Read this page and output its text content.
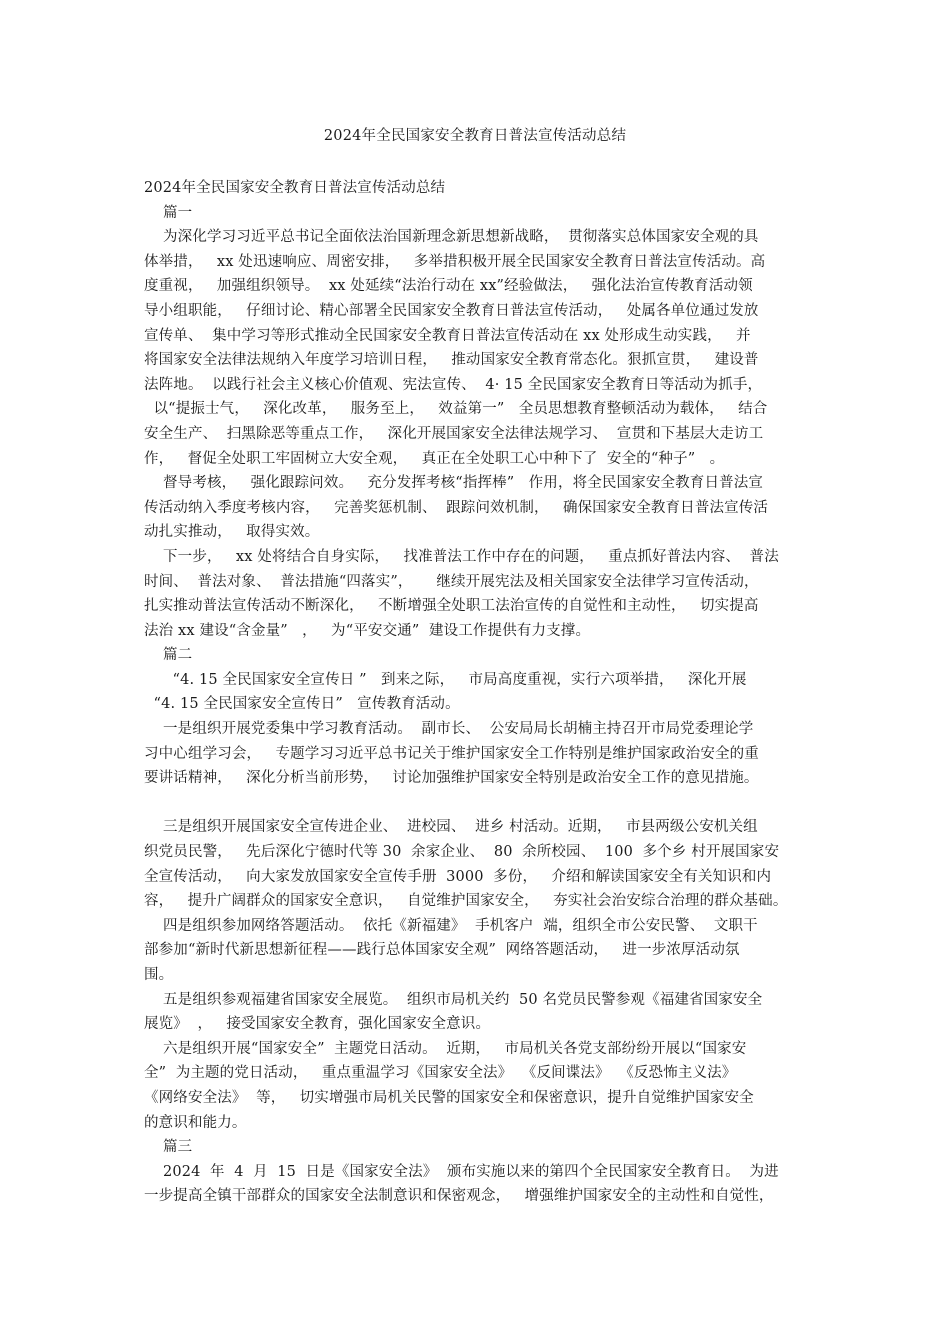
2024年全民国家安全教育日普法宣传活动总结
2024年全民国家安全教育日普法宣传活动总结
篇一
为深化学习习近平总书记全面依法治国新理念新思想新战略，  贯彻落实总体国家安全观的具
体举措，   xx 处迅速响应、周密安排，   多举措积极开展全民国家安全教育日普法宣传活动。高
度重视，   加强组织领导。  xx 处延续“法治行动在 xx”经验做法，   强化法治宣传教育活动领
导小组职能，   仔细讨论、精心部署全民国家安全教育日普法宣传活动，   处属各单位通过发放
宣传单、  集中学习等形式推动全民国家安全教育日普法宣传活动在 xx 处形成生动实践，   并
将国家安全法律法规纳入年度学习培训日程，   推动国家安全教育常态化。狠抓宣贯，   建设普
法阵地。  以践行社会主义核心价值观、宪法宣传、  4· 15 全民国家安全教育日等活动为抓手，
以“提振士气，   深化改革，   服务至上，   效益第一”   全员思想教育整顿活动为载体，   结合
安全生产、  扫黑除恶等重点工作，   深化开展国家安全法律法规学习、  宣贯和下基层大走访工
作，   督促全处职工牢固树立大安全观，   真正在全处职工心中种下了  安全的“种子”   。
督导考核，   强化跟踪问效。   充分发挥考核“指挥棒”   作用，将全民国家安全教育日普法宣
传活动纳入季度考核内容，   完善奖惩机制、  跟踪问效机制，   确保国家安全教育日普法宣传活
动扎实推动，   取得实效。
下一步，   xx 处将结合自身实际，   找准普法工作中存在的问题，   重点抓好普法内容、  普法
时间、  普法对象、  普法措施“四落实”，     继续开展宪法及相关国家安全法律学习宣传活动，
扎实推动普法宣传活动不断深化，   不断增强全处职工法治宣传的自觉性和主动性，   切实提高
法治 xx 建设“含金量”   ，   为“平安交通”  建设工作提供有力支撑。
篇二
“4. 15 全民国家安全宣传日 ”   到来之际，   市局高度重视，实行六项举措，   深化开展
“4. 15 全民国家安全宣传日”   宣传教育活动。
一是组织开展党委集中学习教育活动。  副市长、  公安局局长胡楠主持召开市局党委理论学
习中心组学习会，   专题学习习近平总书记关于维护国家安全工作特别是维护国家政治安全的重
要讲话精神，   深化分析当前形势，   讨论加强维护国家安全特别是政治安全工作的意见措施。
三是组织开展国家安全宣传进企业、  进校园、  进乡 村活动。近期，   市县两级公安机关组
织党员民警，   先后深化宁德时代等 30  余家企业、  80  余所校园、  100  多个乡 村开展国家安
全宣传活动，   向大家发放国家安全宣传手册  3000  多份，   介绍和解读国家安全有关知识和内
容，   提升广阔群众的国家安全意识，   自觉维护国家安全，   夯实社会治安综合治理的群众基础。
四是组织参加网络答题活动。  依托《新福建》  手机客户  端，组织全市公安民警、  文职干
部参加“新时代新思想新征程——践行总体国家安全观”  网络答题活动，   进一步浓厚活动氛
围。
五是组织参观福建省国家安全展览。  组织市局机关约  50 名党员民警参观《福建省国家安全
展览》  ，   接受国家安全教育，强化国家安全意识。
六是组织开展“国家安全”  主题党日活动。  近期，   市局机关各党支部纷纷开展以“国家安
全”  为主题的党日活动，   重点重温学习《国家安全法》  《反间谍法》  《反恐怖主义法》
《网络安全法》  等，   切实增强市局机关民警的国家安全和保密意识，提升自觉维护国家安全
的意识和能力。
篇三
2024  年  4  月  15  日是《国家安全法》  颁布实施以来的第四个全民国家安全教育日。  为进
一步提高全镇干部群众的国家安全法制意识和保密观念，   增强维护国家安全的主动性和自觉性，
